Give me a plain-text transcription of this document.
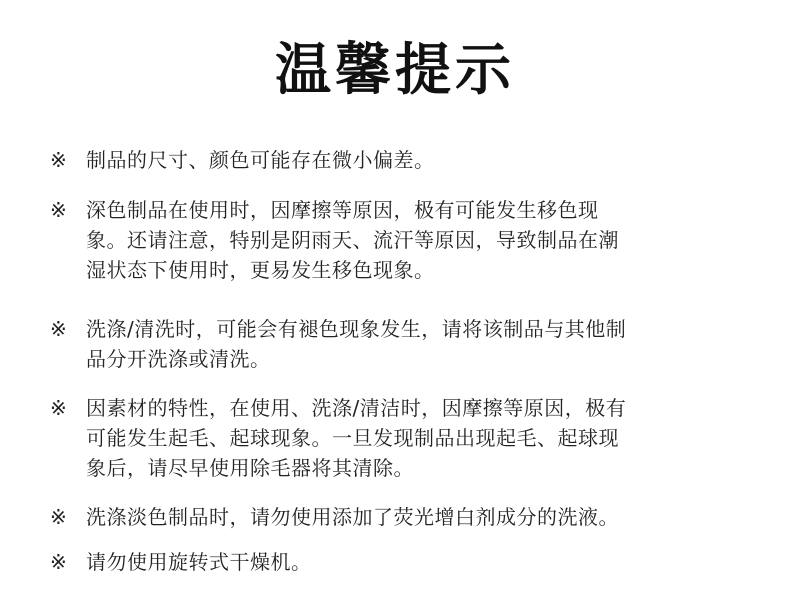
温馨提示
※ 制品的尺寸、颜色可能存在微小偏差。
※ 深色制品在使用时，因摩擦等原因，极有可能发生移色现
象。还请注意，特别是阴雨天、流汗等原因，导致制品在潮
湿状态下使用时，更易发生移色现象。
※ 洗涤/清洗时，可能会有褪色现象发生，请将该制品与其他制
品分开洗涤或清洗。
※ 因素材的特性，在使用、洗涤/清洁时，因摩擦等原因，极有
可能发生起毛、起球现象。一旦发现制品出现起毛、起球现
象后，请尽早使用除毛器将其清除。
※ 洗涤淡色制品时，请勿使用添加了荧光增白剂成分的洗液。
※ 请勿使用旋转式干燥机。
